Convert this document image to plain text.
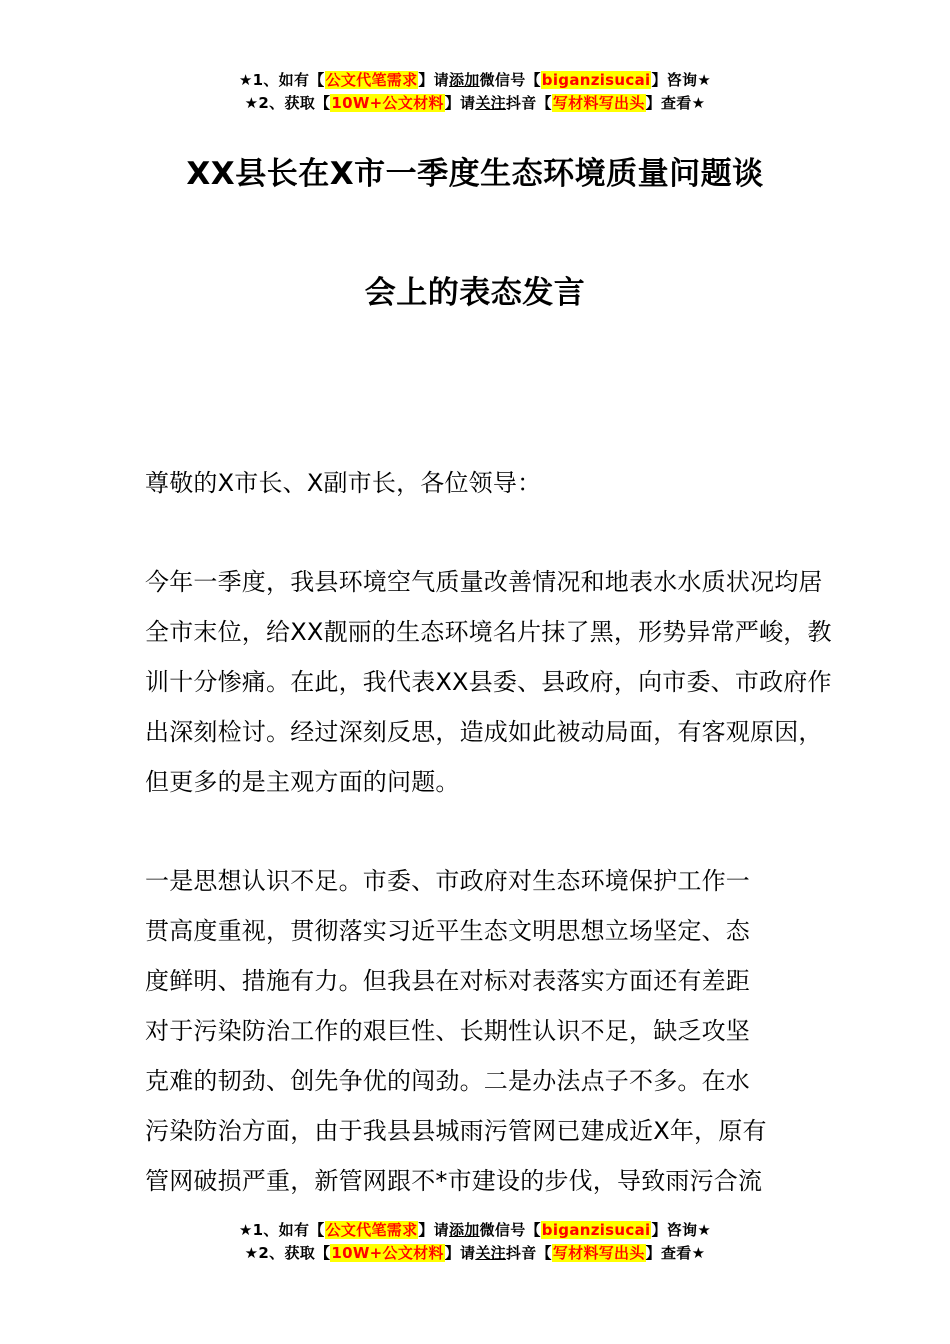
★1、如有【公文代笔需求】请添加微信号【biganzisucai】咨询★
★2、获取【10W+公文材料】请关注抖音【写材料写出头】查看★
XX县长在X市一季度生态环境质量问题谈
会上的表态发言
尊敬的X市长、X副市长，各位领导：
今年一季度，我县环境空气质量改善情况和地表水水质状况均居全市末位，给XX靓丽的生态环境名片抹了黑，形势异常严峻，教训十分惨痛。在此，我代表XX县委、县政府，向市委、市政府作出深刻检讨。经过深刻反思，造成如此被动局面，有客观原因，但更多的是主观方面的问题。

一是思想认识不足。市委、市政府对生态环境保护工作一

贯高度重视，贯彻落实习近平生态文明思想立场坚定、态

度鲜明、措施有力。但我县在对标对表落实方面还有差距

对于污染防治工作的艰巨性、长期性认识不足，缺乏攻坚

克难的韧劲、创先争优的闯劲。二是办法点子不多。在水

污染防治方面，由于我县县城雨污管网已建成近X年，原有

管网破损严重，新管网跟不*市建设的步伐，导致雨污合流

★1、如有【公文代笔需求】请添加微信号【biganzisucai】咨询★
★2、获取【10W+公文材料】请关注抖音【写材料写出头】查看★
